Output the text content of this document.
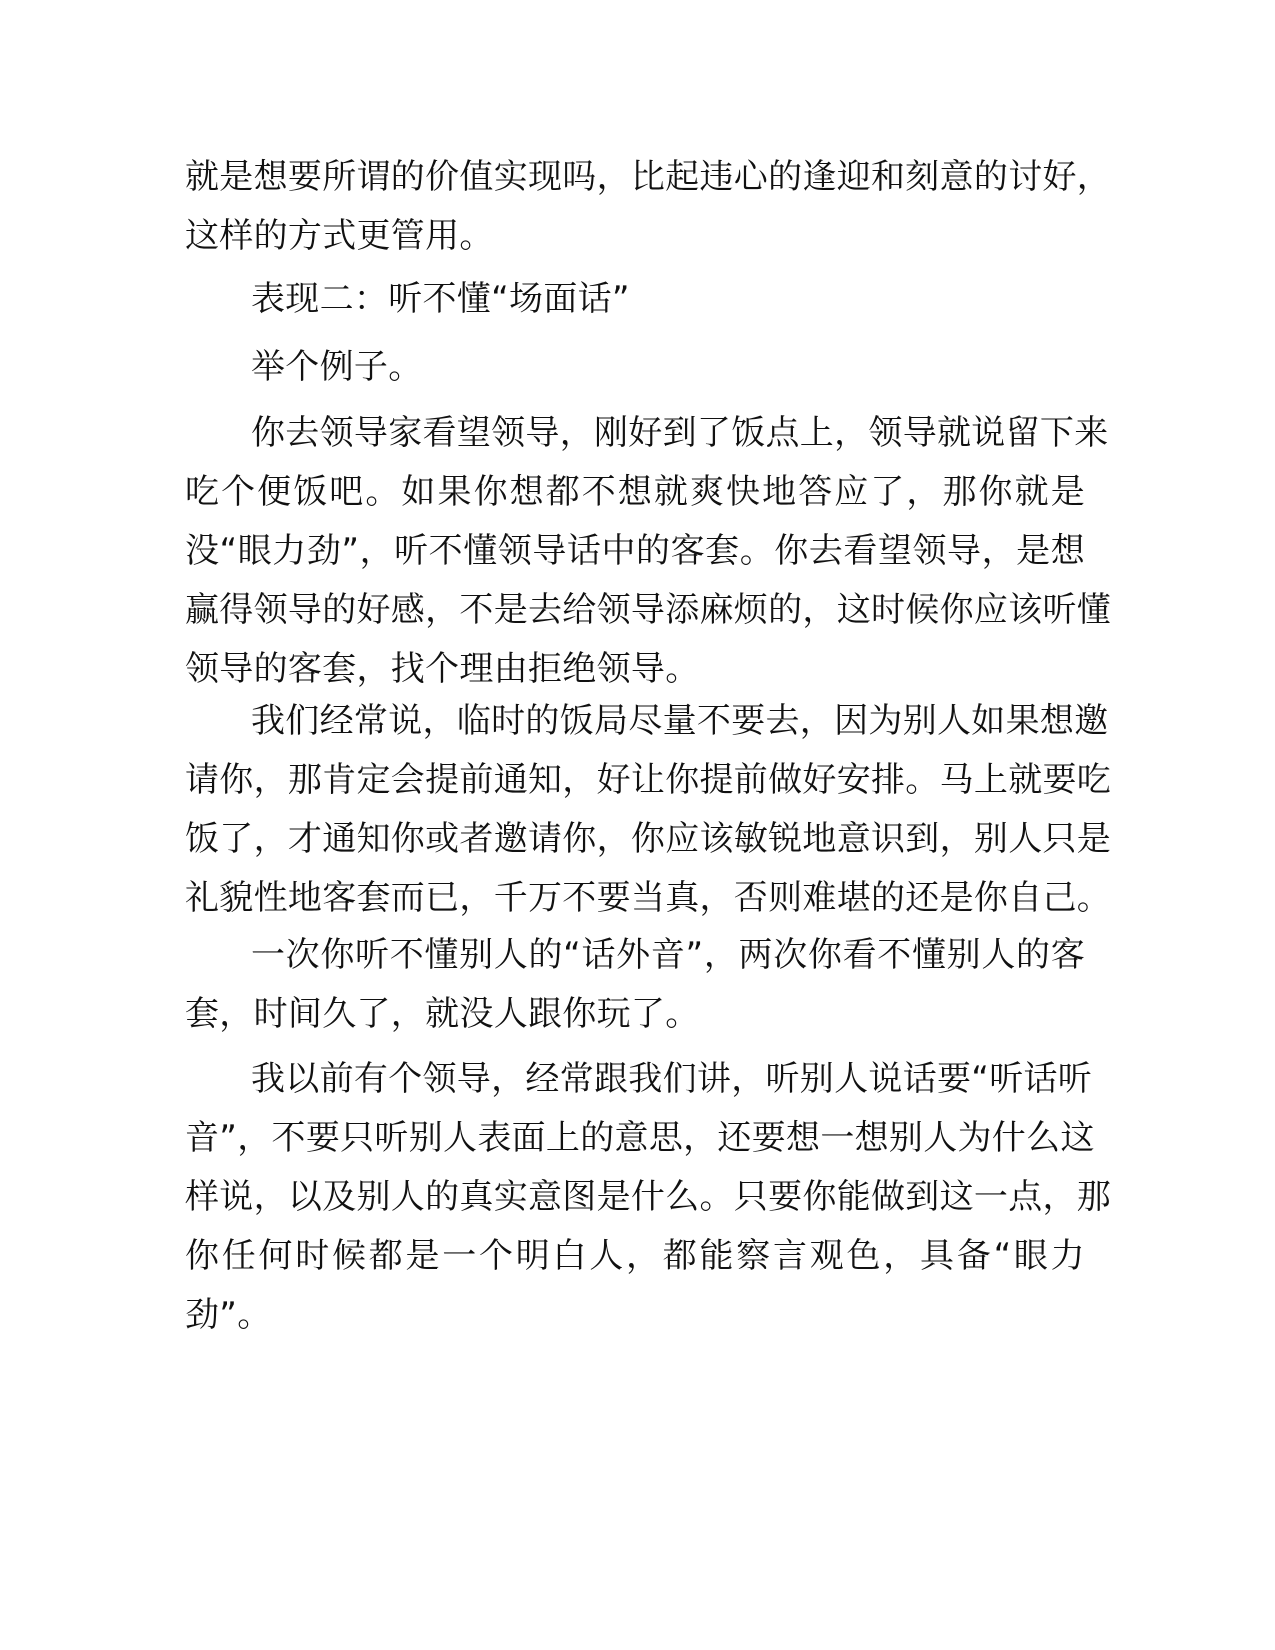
就是想要所谓的价值实现吗，比起违心的逢迎和刻意的讨好，
这样的方式更管用。
表现二：听不懂“场面话”
举个例子。
你去领导家看望领导，刚好到了饭点上，领导就说留下来
吃个便饭吧。如果你想都不想就爽快地答应了，那你就是
没“眼力劲”，听不懂领导话中的客套。你去看望领导，是想
赢得领导的好感，不是去给领导添麻烦的，这时候你应该听懂
领导的客套，找个理由拒绝领导。
我们经常说，临时的饭局尽量不要去，因为别人如果想邀
请你，那肯定会提前通知，好让你提前做好安排。马上就要吃
饭了，才通知你或者邀请你，你应该敏锐地意识到，别人只是
礼貌性地客套而已，千万不要当真，否则难堪的还是你自己。
一次你听不懂别人的“话外音”，两次你看不懂别人的客
套，时间久了，就没人跟你玩了。
我以前有个领导，经常跟我们讲，听别人说话要“听话听
音”，不要只听别人表面上的意思，还要想一想别人为什么这
样说，以及别人的真实意图是什么。只要你能做到这一点，那
你任何时候都是一个明白人，都能察言观色，具备“眼力
劲”。
